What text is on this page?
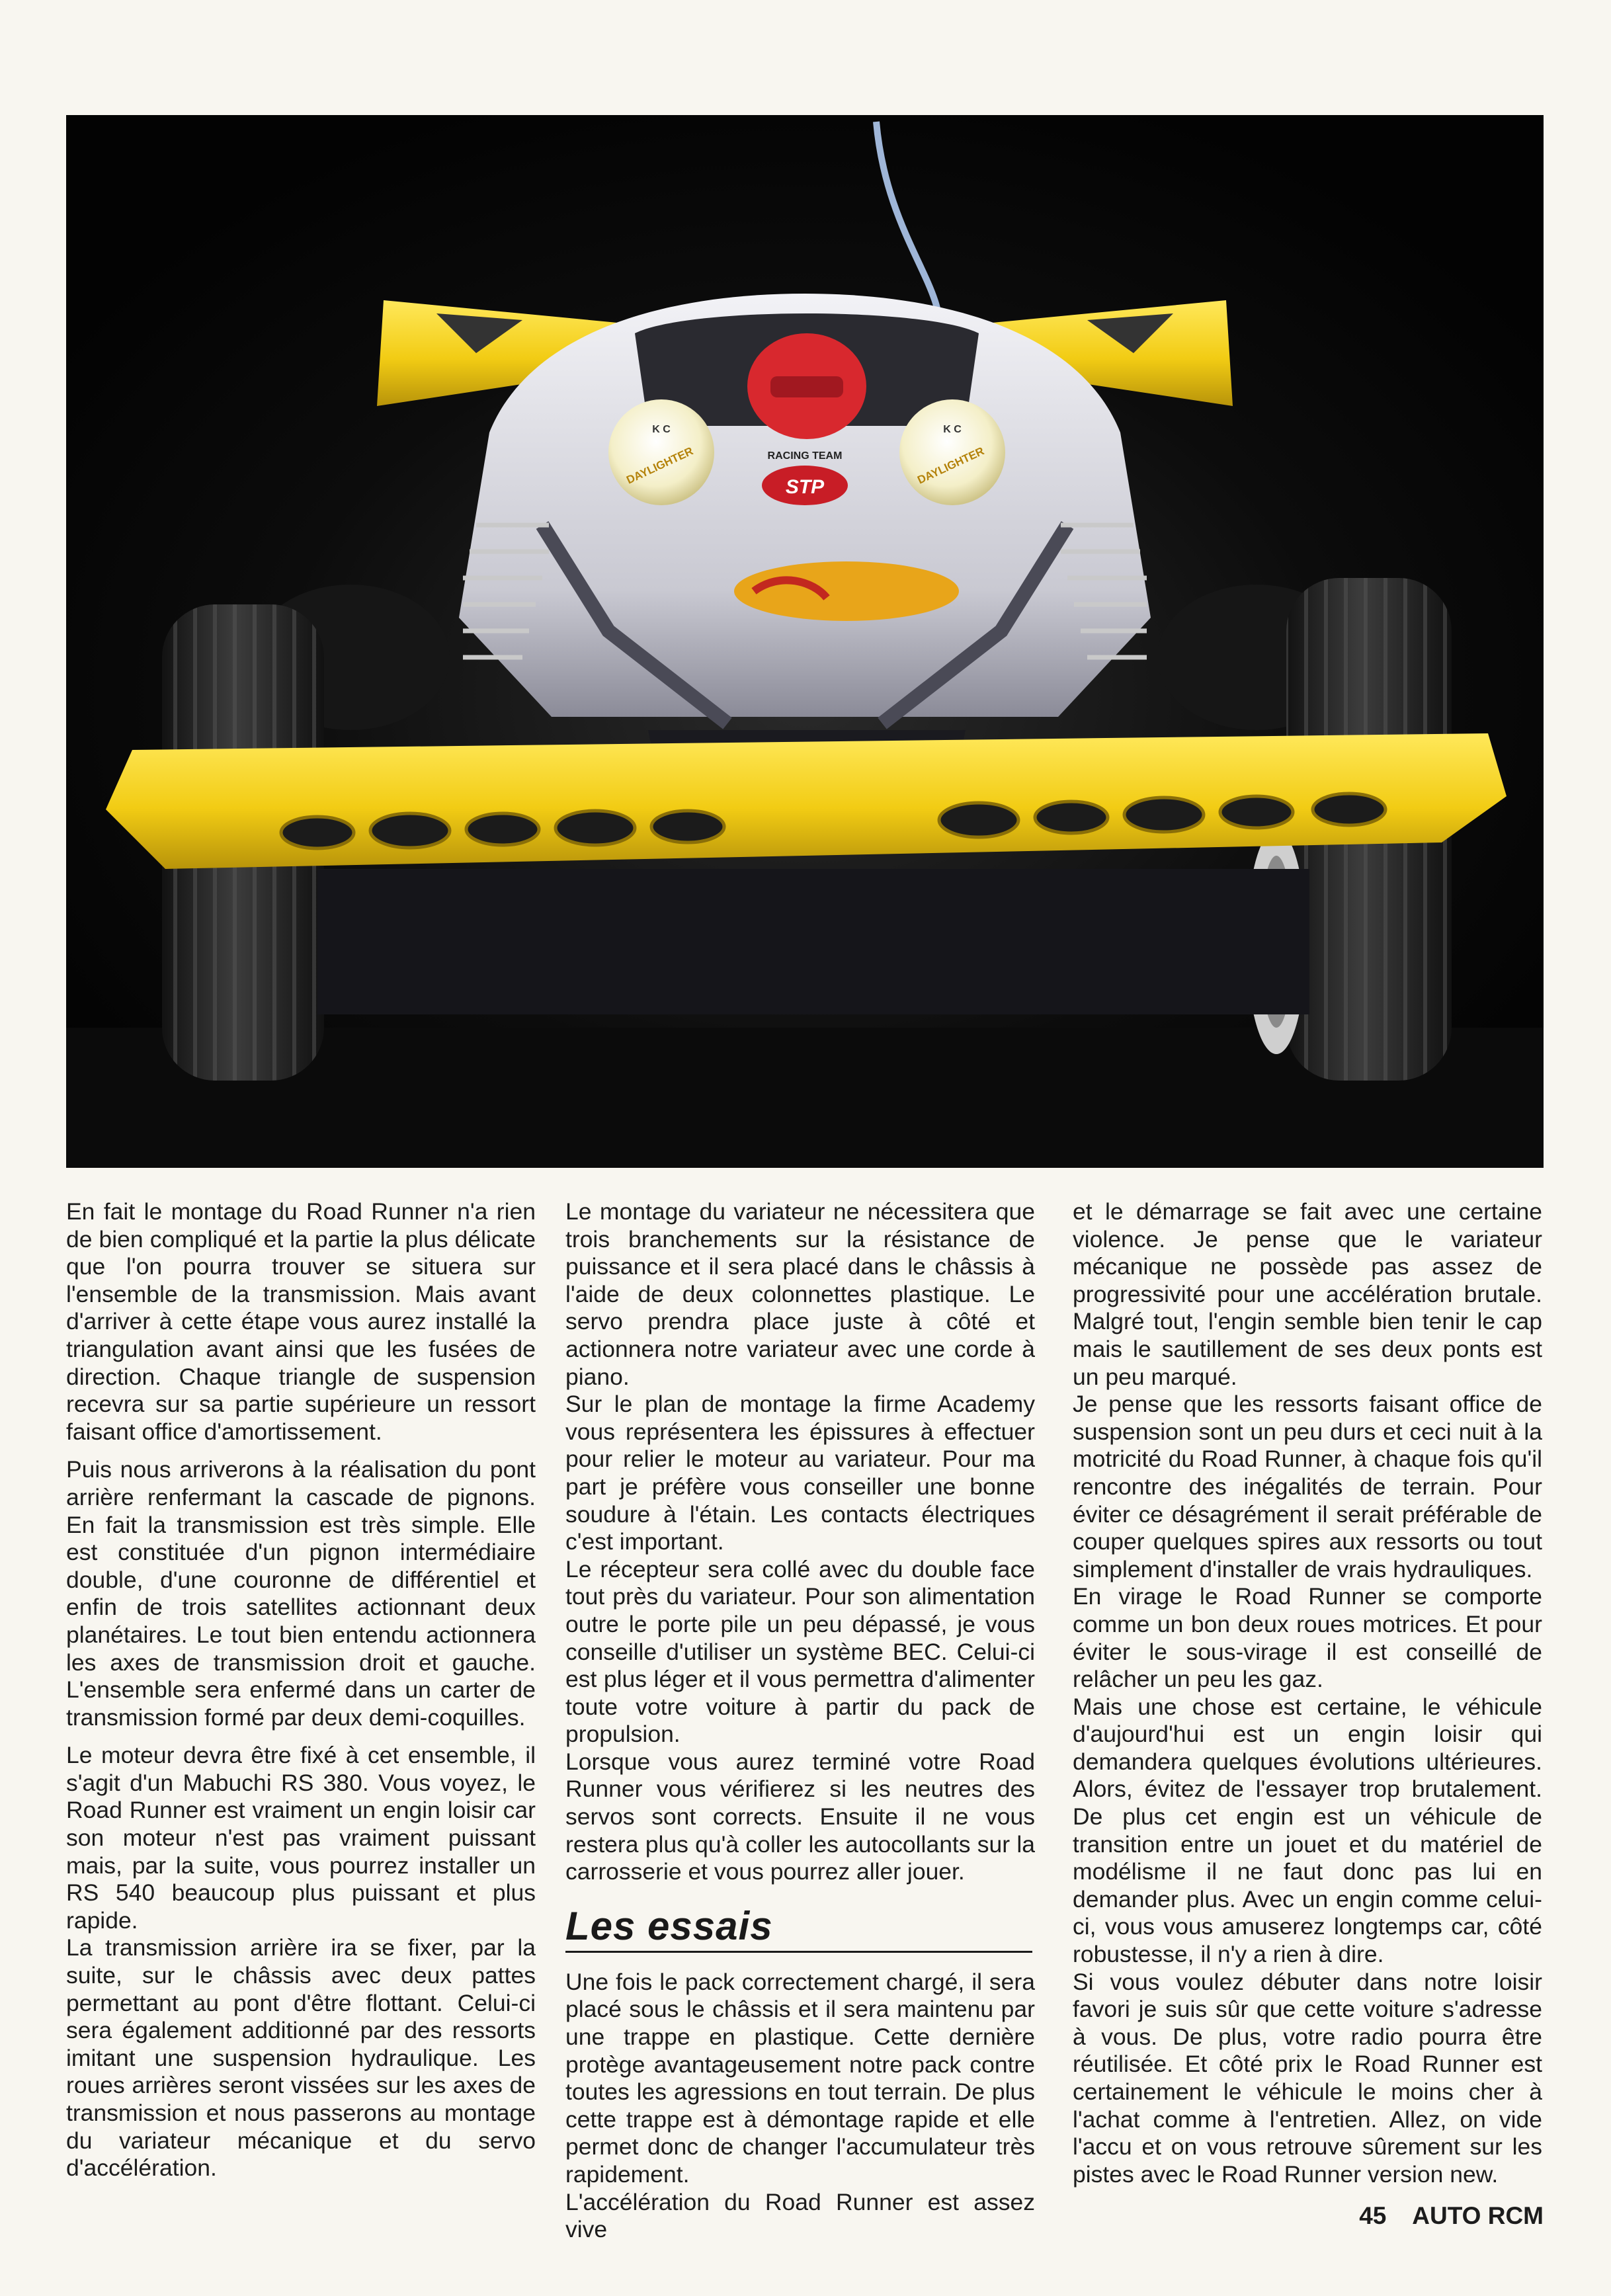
K C	K C
DAYLIGHTER	DAYLIGHTER
STP
RACING TEAM

En fait le montage du Road Runner n'a rien de bien compliqué et la partie la plus délicate que l'on pourra trouver se situera sur l'ensemble de la transmission. Mais avant d'arriver à cette étape vous aurez installé la triangulation avant ainsi que les fusées de direction. Chaque triangle de suspension recevra sur sa partie supérieure un ressort faisant office d'amortissement.

Puis nous arriverons à la réalisation du pont arrière renfermant la cascade de pignons. En fait la transmission est très simple. Elle est constituée d'un pignon intermédiaire double, d'une couronne de différentiel et enfin de trois satellites actionnant deux planétaires. Le tout bien entendu actionnera les axes de transmission droit et gauche. L'ensemble sera enfermé dans un carter de transmission formé par deux demi-coquilles.

Le moteur devra être fixé à cet ensemble, il s'agit d'un Mabuchi RS 380. Vous voyez, le Road Runner est vraiment un engin loisir car son moteur n'est pas vraiment puissant mais, par la suite, vous pourrez installer un RS 540 beaucoup plus puissant et plus rapide.

La transmission arrière ira se fixer, par la suite, sur le châssis avec deux pattes permettant au pont d'être flottant. Celui-ci sera également additionné par des ressorts imitant une suspension hydraulique. Les roues arrières seront vissées sur les axes de transmission et nous passerons au montage du variateur mécanique et du servo d'accélération.

Le montage du variateur ne nécessitera que trois branchements sur la résistance de puissance et il sera placé dans le châssis à l'aide de deux colonnettes plastique. Le servo prendra place juste à côté et actionnera notre variateur avec une corde à piano.

Sur le plan de montage la firme Academy vous représentera les épissures à effectuer pour relier le moteur au variateur. Pour ma part je préfère vous conseiller une bonne soudure à l'étain. Les contacts électriques c'est important.

Le récepteur sera collé avec du double face tout près du variateur. Pour son alimentation outre le porte pile un peu dépassé, je vous conseille d'utiliser un système BEC. Celui-ci est plus léger et il vous permettra d'alimenter toute votre voiture à partir du pack de propulsion.

Lorsque vous aurez terminé votre Road Runner vous vérifierez si les neutres des servos sont corrects. Ensuite il ne vous restera plus qu'à coller les autocollants sur la carrosserie et vous pourrez aller jouer.

Les essais

Une fois le pack correctement chargé, il sera placé sous le châssis et il sera maintenu par une trappe en plastique. Cette dernière protège avantageusement notre pack contre toutes les agressions en tout terrain. De plus cette trappe est à démontage rapide et elle permet donc de changer l'accumulateur très rapidement.

L'accélération du Road Runner est assez vive

et le démarrage se fait avec une certaine violence. Je pense que le variateur mécanique ne possède pas assez de progressivité pour une accélération brutale. Malgré tout, l'engin semble bien tenir le cap mais le sautillement de ses deux ponts est un peu marqué.

Je pense que les ressorts faisant office de suspension sont un peu durs et ceci nuit à la motricité du Road Runner, à chaque fois qu'il rencontre des inégalités de terrain. Pour éviter ce désagrément il serait préférable de couper quelques spires aux ressorts ou tout simplement d'installer de vrais hydrauliques.

En virage le Road Runner se comporte comme un bon deux roues motrices. Et pour éviter le sous-virage il est conseillé de relâcher un peu les gaz.

Mais une chose est certaine, le véhicule d'aujourd'hui est un engin loisir qui demandera quelques évolutions ultérieures. Alors, évitez de l'essayer trop brutalement. De plus cet engin est un véhicule de transition entre un jouet et du matériel de modélisme il ne faut donc pas lui en demander plus. Avec un engin comme celui-ci, vous vous amuserez longtemps car, côté robustesse, il n'y a rien à dire.

Si vous voulez débuter dans notre loisir favori je suis sûr que cette voiture s'adresse à vous. De plus, votre radio pourra être réutilisée. Et côté prix le Road Runner est certainement le véhicule le moins cher à l'achat comme à l'entretien. Allez, on vide l'accu et on vous retrouve sûrement sur les pistes avec le Road Runner version new.

45 AUTO RCM
